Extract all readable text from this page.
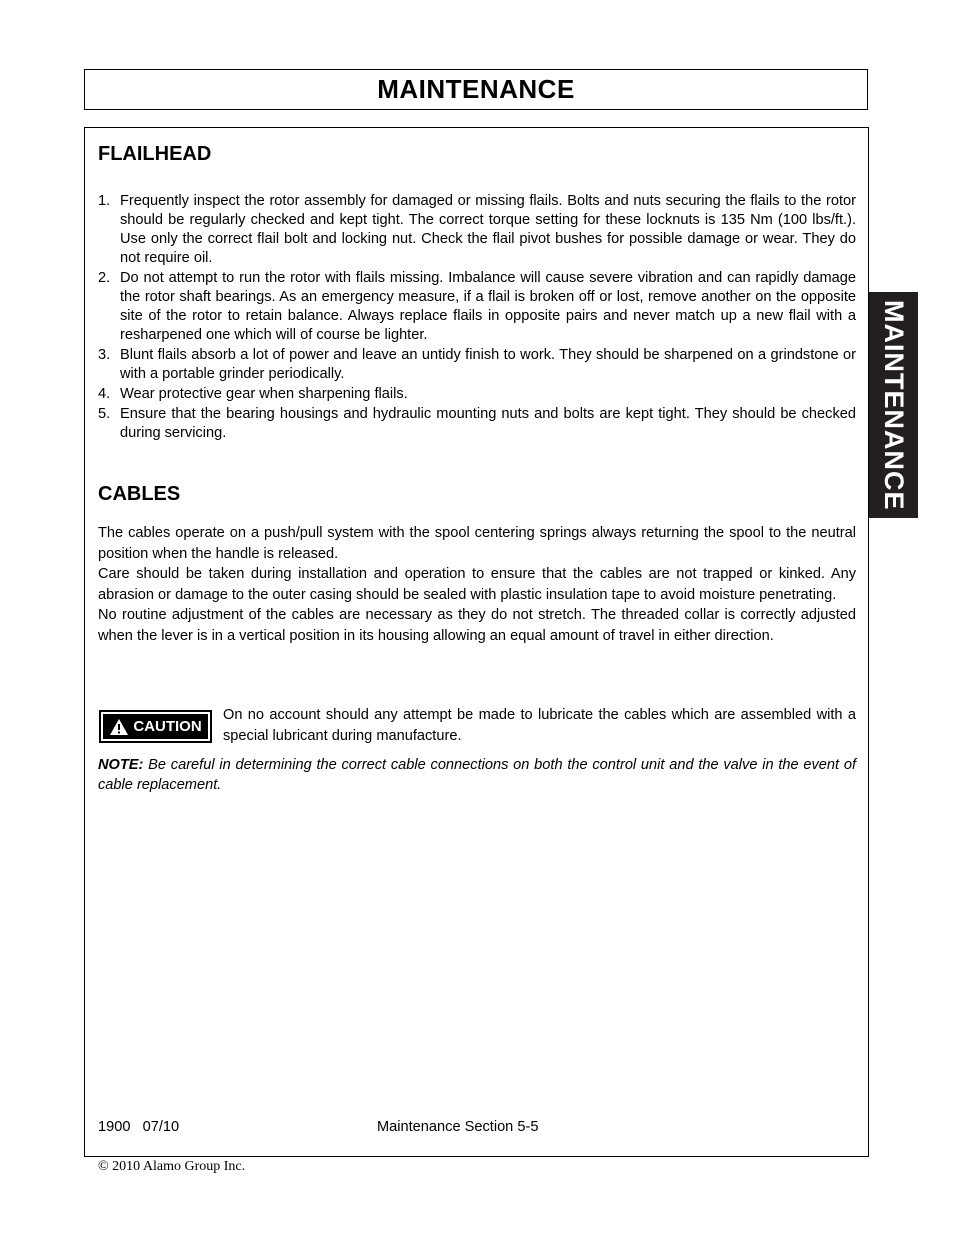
MAINTENANCE
MAINTENANCE
FLAILHEAD
1. Frequently inspect the rotor assembly for damaged or missing flails. Bolts and nuts securing the flails to the rotor should be regularly checked and kept tight. The correct torque setting for these locknuts is 135 Nm (100 lbs/ft.). Use only the correct flail bolt and locking nut. Check the flail pivot bushes for possible damage or wear. They do not require oil.
2. Do not attempt to run the rotor with flails missing. Imbalance will cause severe vibration and can rapidly damage the rotor shaft bearings. As an emergency measure, if a flail is broken off or lost, remove another on the opposite site of the rotor to retain balance. Always replace flails in opposite pairs and never match up a new flail with a resharpened one which will of course be lighter.
3. Blunt flails absorb a lot of power and leave an untidy finish to work. They should be sharpened on a grindstone or with a portable grinder periodically.
4. Wear protective gear when sharpening flails.
5. Ensure that the bearing housings and hydraulic mounting nuts and bolts are kept tight. They should be checked during servicing.
CABLES

The cables operate on a push/pull system with the spool centering springs always returning the spool to the neutral position when the handle is released.

Care should be taken during installation and operation to ensure that the cables are not trapped or kinked. Any abrasion or damage to the outer casing should be sealed with plastic insulation tape to avoid moisture penetrating.

No routine adjustment of the cables are necessary as they do not stretch. The threaded collar is correctly adjusted when the lever is in a vertical position in its housing allowing an equal amount of travel in either direction.

CAUTION

On no account should any attempt be made to lubricate the cables which are assembled with a special lubricant during manufacture.

NOTE: Be careful in determining the correct cable connections on both the control unit and the valve in the event of cable replacement.

1900   07/10	Maintenance Section 5-5
© 2010 Alamo Group Inc.
